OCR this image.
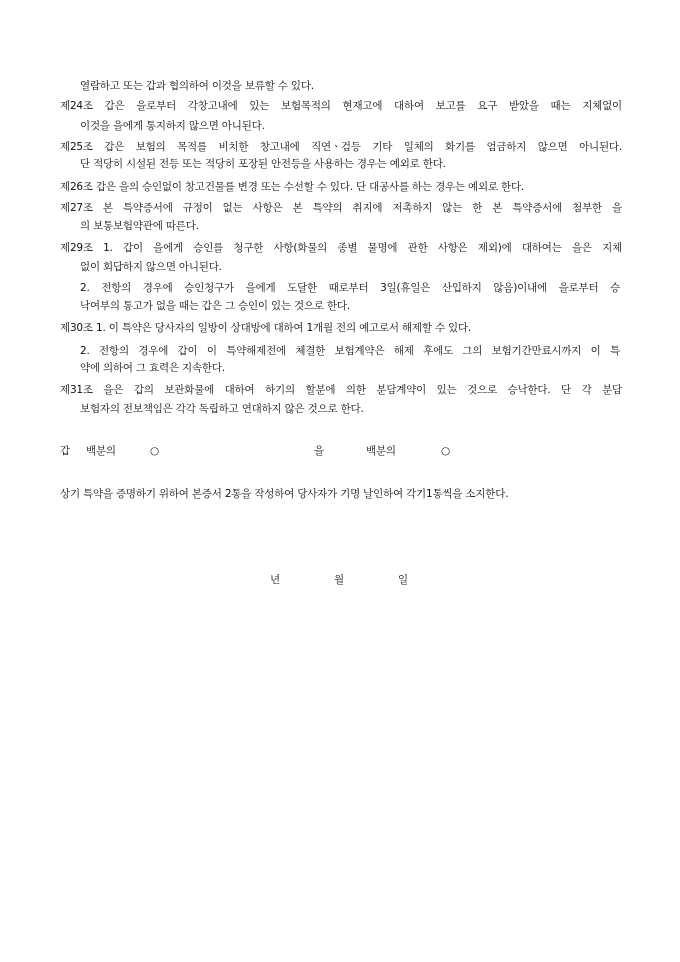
열람하고 또는 갑과 협의하여 이것을 보류할 수 있다.
제24조 갑은 을로부터 각창고내에 있는 보험목적의 현재고에 대하여 보고를 요구 받았을 때는 지체없이
이것을 을에게 통지하지 않으면 아니된다.
제25조 갑은 보험의 목적를 비치한 창고내에 직연ㆍ검등 기타 일체의 화기를 엄금하지 않으면 아니된다.
단 적당히 시설된 전등 또는 적당히 포장된 안전등을 사용하는 경우는 예외로 한다.
제26조 갑은 을의 승인없이 창고건물를 변경 또는 수선할 수 있다. 단 대공사를 하는 경우는 예외로 한다.
제27조 본 특약증서에 규정이 없는 사항은 본 특약의 취지에 저촉하지 않는 한 본 특약증서에 첨부한 을
의 보통보험약관에 따른다.
제29조 1. 갑이 을에게 승인를 청구한 사항(화물의 종별 물명에 관한 사항은 제외)에 대하여는 을은 지체
없이 회답하지 않으면 아니된다.
2. 전항의 경우에 승인청구가 을에게 도달한 때로부터 3일(휴일은 산입하지 않음)이내에 을로부터 승
낙여부의 통고가 없을 때는 갑은 그 승인이 있는 것으로 한다.
제30조 1. 이 특약은 당사자의 일방이 상대방에 대하여 1개월 전의 예고로서 해제할 수 있다.
2. 전항의 경우에 갑이 이 특약해제전에 체결한 보험계약은 해제 후에도 그의 보험기간만료시까지 이 특
약에 의하여 그 효력은 지속한다.
제31조 을은 갑의 보관화물에 대하여 하기의 할분에 의한 분담계약이 있는 것으로 승낙한다. 단 각 분담
보험자의 전보책임은 각각 독립하고 연대하지 않은 것으로 한다.
갑 백분의	○	을	백분의	○
상기 특약을 증명하기 위하여 본증서 2통을 작성하여 당사자가 기명 날인하여 각기1통씩을 소지한다.
년	월	일
